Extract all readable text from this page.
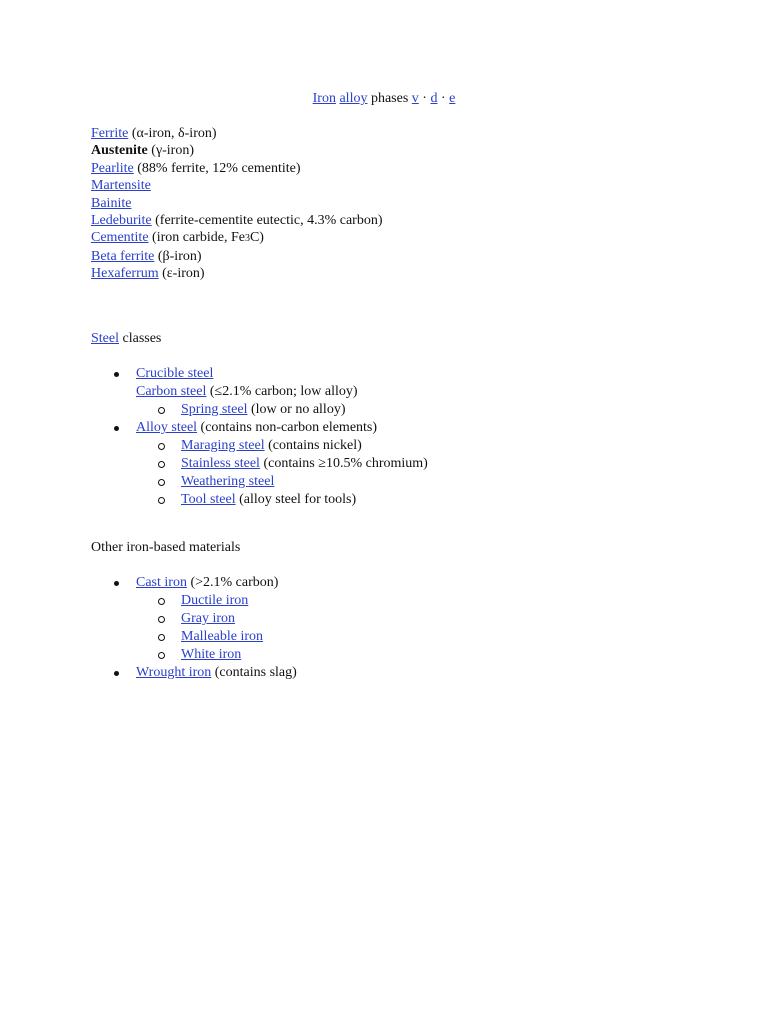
Iron alloy phases v · d · e
Ferrite (α-iron, δ-iron)
Austenite (γ-iron)
Pearlite (88% ferrite, 12% cementite)
Martensite
Bainite
Ledeburite (ferrite-cementite eutectic, 4.3% carbon)
Cementite (iron carbide, Fe3C)
Beta ferrite (β-iron)
Hexaferrum (ε-iron)
Steel classes
Crucible steel
Carbon steel (≤2.1% carbon; low alloy)
Spring steel (low or no alloy)
Alloy steel (contains non-carbon elements)
Maraging steel (contains nickel)
Stainless steel (contains ≥10.5% chromium)
Weathering steel
Tool steel (alloy steel for tools)
Other iron-based materials
Cast iron (>2.1% carbon)
Ductile iron
Gray iron
Malleable iron
White iron
Wrought iron (contains slag)
